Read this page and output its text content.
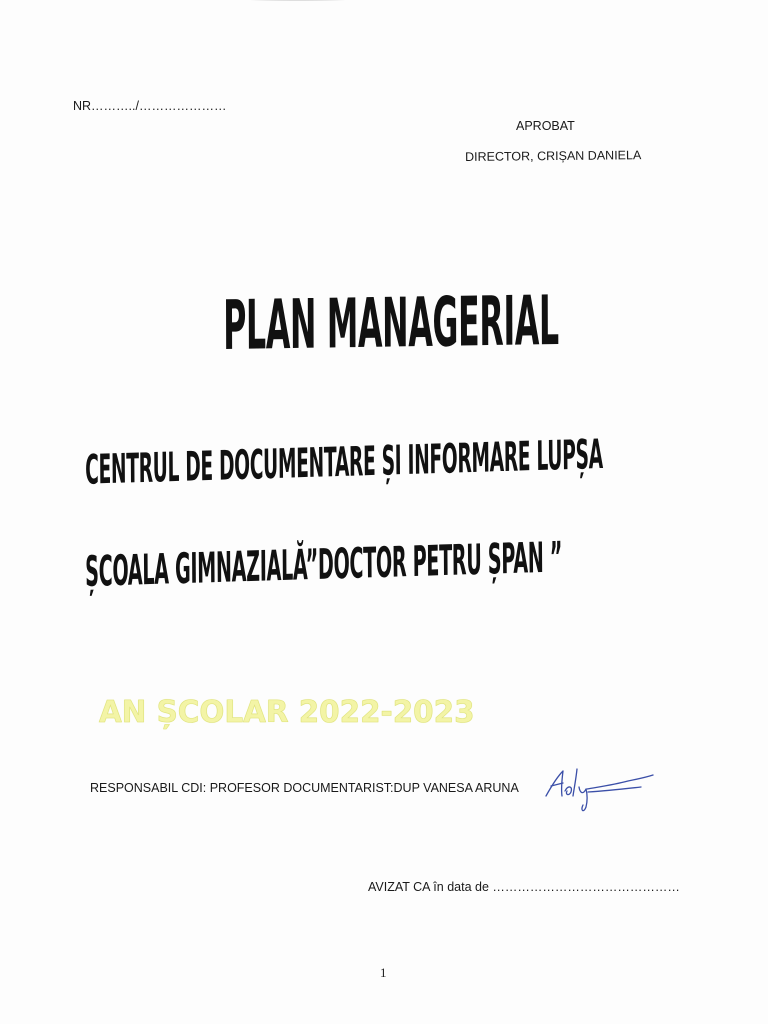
NR………../…………………
APROBAT
DIRECTOR, CRIȘAN DANIELA
PLAN MANAGERIAL
CENTRUL DE DOCUMENTARE ȘI INFORMARE LUPȘA
ȘCOALA GIMNAZIALĂ”DOCTOR PETRU ȘPAN ”
AN ȘCOLAR 2022-2023
RESPONSABIL CDI: PROFESOR DOCUMENTARIST:DUP VANESA ARUNA
AVIZAT CA în data de ………………………………………
1
